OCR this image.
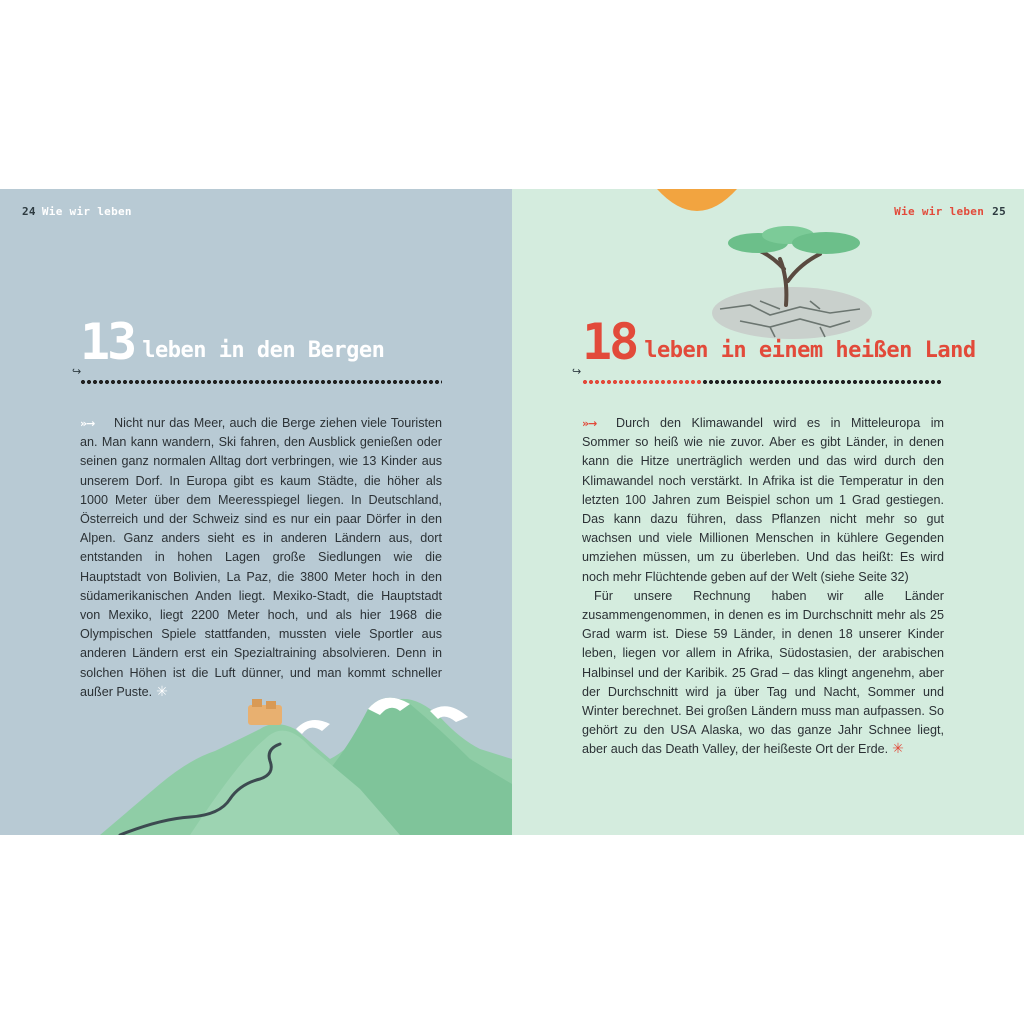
24 Wie wir leben
13 leben in den Bergen
↪

»→ Nicht nur das Meer, auch die Berge ziehen viele Touristen an. Man kann wandern, Ski fahren, den Ausblick genießen oder seinen ganz normalen Alltag dort verbringen, wie 13 Kinder aus unserem Dorf. In Europa gibt es kaum Städte, die höher als 1000 Meter über dem Meeresspiegel liegen. In Deutschland, Österreich und der Schweiz sind es nur ein paar Dörfer in den Alpen. Ganz anders sieht es in anderen Ländern aus, dort entstanden in hohen Lagen große Siedlungen wie die Hauptstadt von Bolivien, La Paz, die 3800 Meter hoch in den südamerikanischen Anden liegt. Mexiko-Stadt, die Hauptstadt von Mexiko, liegt 2200 Meter hoch, und als hier 1968 die Olympischen Spiele stattfanden, mussten viele Sportler aus anderen Ländern erst ein Spezialtraining absolvieren. Denn in solchen Höhen ist die Luft dünner, und man kommt schneller außer Puste. ✳

Wie wir leben 25
18 leben in einem heißen Land
↪

»→ Durch den Klimawandel wird es in Mitteleuropa im Sommer so heiß wie nie zuvor. Aber es gibt Länder, in denen kann die Hitze unerträglich werden und das wird durch den Klimawandel noch verstärkt. In Afrika ist die Temperatur in den letzten 100 Jahren zum Beispiel schon um 1 Grad gestiegen. Das kann dazu führen, dass Pflanzen nicht mehr so gut wachsen und viele Millionen Menschen in kühlere Gegenden umziehen müssen, um zu überleben. Und das heißt: Es wird noch mehr Flüchtende geben auf der Welt (siehe Seite 32)

Für unsere Rechnung haben wir alle Länder zusammengenommen, in denen es im Durchschnitt mehr als 25 Grad warm ist. Diese 59 Länder, in denen 18 unserer Kinder leben, liegen vor allem in Afrika, Südostasien, der arabischen Halbinsel und der Karibik. 25 Grad – das klingt angenehm, aber der Durchschnitt wird ja über Tag und Nacht, Sommer und Winter berechnet. Bei großen Ländern muss man aufpassen. So gehört zu den USA Alaska, wo das ganze Jahr Schnee liegt, aber auch das Death Valley, der heißeste Ort der Erde. ✳
